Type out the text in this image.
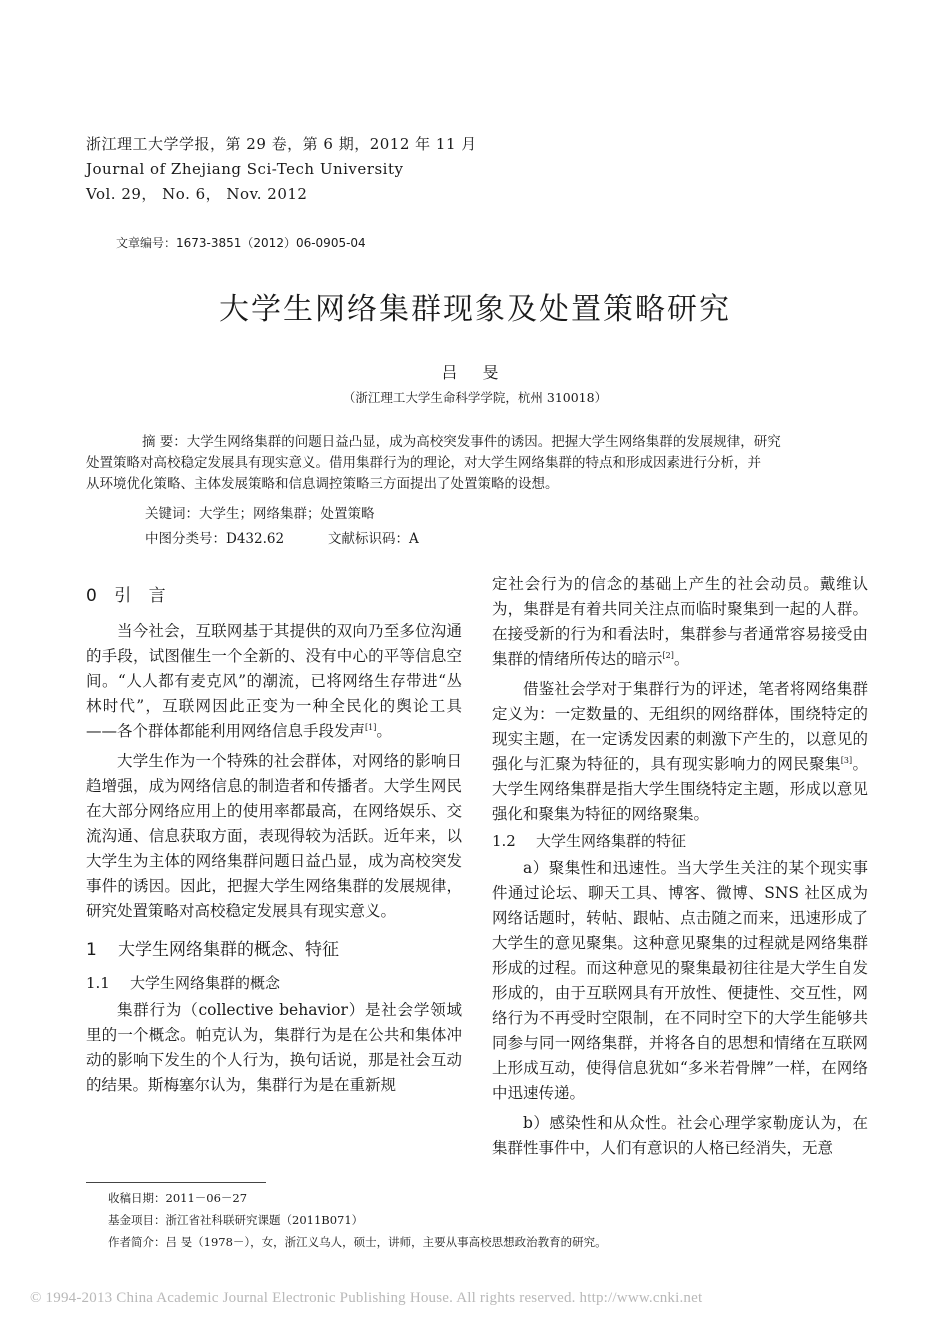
浙江理工大学学报，第 29 卷，第 6 期，2012 年 11 月
Journal of Zhejiang Sci-Tech University
Vol. 29， No. 6， Nov. 2012
文章编号：1673-3851（2012）06-0905-04
大学生网络集群现象及处置策略研究
吕 旻
（浙江理工大学生命科学学院，杭州 310018）

摘 要：大学生网络集群的问题日益凸显，成为高校突发事件的诱因。把握大学生网络集群的发展规律，研究

处置策略对高校稳定发展具有现实意义。借用集群行为的理论，对大学生网络集群的特点和形成因素进行分析，并

从环境优化策略、主体发展策略和信息调控策略三方面提出了处置策略的设想。

关键词：大学生；网络集群；处置策略
中图分类号：D432.62	文献标识码：A

0 引 言

当今社会，互联网基于其提供的双向乃至多位沟通的手段，试图催生一个全新的、没有中心的平等信息空间。“人人都有麦克风”的潮流，已将网络生存带进“丛林时代”，互联网因此正变为一种全民化的舆论工具——各个群体都能利用网络信息手段发声[1]。

大学生作为一个特殊的社会群体，对网络的影响日趋增强，成为网络信息的制造者和传播者。大学生网民在大部分网络应用上的使用率都最高，在网络娱乐、交流沟通、信息获取方面，表现得较为活跃。近年来，以大学生为主体的网络集群问题日益凸显，成为高校突发事件的诱因。因此，把握大学生网络集群的发展规律，研究处置策略对高校稳定发展具有现实意义。

1 大学生网络集群的概念、特征

1.1 大学生网络集群的概念

集群行为（collective behavior）是社会学领域里的一个概念。帕克认为，集群行为是在公共和集体冲动的影响下发生的个人行为，换句话说，那是社会互动的结果。斯梅塞尔认为，集群行为是在重新规

定社会行为的信念的基础上产生的社会动员。戴维认为，集群是有着共同关注点而临时聚集到一起的人群。在接受新的行为和看法时，集群参与者通常容易接受由集群的情绪所传达的暗示[2]。

借鉴社会学对于集群行为的评述，笔者将网络集群定义为：一定数量的、无组织的网络群体，围绕特定的现实主题，在一定诱发因素的刺激下产生的，以意见的强化与汇聚为特征的，具有现实影响力的网民聚集[3]。大学生网络集群是指大学生围绕特定主题，形成以意见强化和聚集为特征的网络聚集。

1.2 大学生网络集群的特征

a）聚集性和迅速性。当大学生关注的某个现实事件通过论坛、聊天工具、博客、微博、SNS 社区成为网络话题时，转帖、跟帖、点击随之而来，迅速形成了大学生的意见聚集。这种意见聚集的过程就是网络集群形成的过程。而这种意见的聚集最初往往是大学生自发形成的，由于互联网具有开放性、便捷性、交互性，网络行为不再受时空限制，在不同时空下的大学生能够共同参与同一网络集群，并将各自的思想和情绪在互联网上形成互动，使得信息犹如“多米若骨牌”一样，在网络中迅速传递。

b）感染性和从众性。社会心理学家勒庞认为，在集群性事件中，人们有意识的人格已经消失，无意

收稿日期：2011－06－27
基金项目：浙江省社科联研究课题（2011B071）
作者简介：吕 旻（1978－），女，浙江义乌人，硕士，讲师，主要从事高校思想政治教育的研究。
© 1994-2013 China Academic Journal Electronic Publishing House. All rights reserved. http://www.cnki.net
